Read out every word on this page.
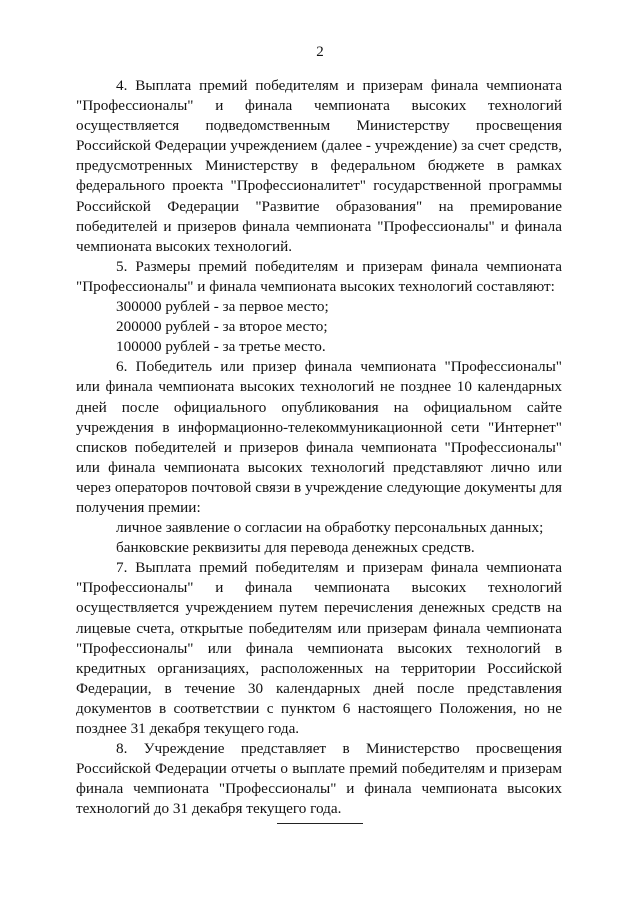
2

4. Выплата премий победителям и призерам финала чемпионата "Профессионалы" и финала чемпионата высоких технологий осуществляется подведомственным Министерству просвещения Российской Федерации учреждением (далее - учреждение) за счет средств, предусмотренных Министерству в федеральном бюджете в рамках федерального проекта "Профессионалитет" государственной программы Российской Федерации "Развитие образования" на премирование победителей и призеров финала чемпионата "Профессионалы" и финала чемпионата высоких технологий.

5. Размеры премий победителям и призерам финала чемпионата "Профессионалы" и финала чемпионата высоких технологий составляют:

300000 рублей - за первое место;

200000 рублей - за второе место;

100000 рублей - за третье место.

6. Победитель или призер финала чемпионата "Профессионалы" или финала чемпионата высоких технологий не позднее 10 календарных дней после официального опубликования на официальном сайте учреждения в информационно-телекоммуникационной сети "Интернет" списков победителей и призеров финала чемпионата "Профессионалы" или финала чемпионата высоких технологий представляют лично или через операторов почтовой связи в учреждение следующие документы для получения премии:

личное заявление о согласии на обработку персональных данных;

банковские реквизиты для перевода денежных средств.

7. Выплата премий победителям и призерам финала чемпионата "Профессионалы" и финала чемпионата высоких технологий осуществляется учреждением путем перечисления денежных средств на лицевые счета, открытые победителям или призерам финала чемпионата "Профессионалы" или финала чемпионата высоких технологий в кредитных организациях, расположенных на территории Российской Федерации, в течение 30 календарных дней после представления документов в соответствии с пунктом 6 настоящего Положения, но не позднее 31 декабря текущего года.

8. Учреждение представляет в Министерство просвещения Российской Федерации отчеты о выплате премий победителям и призерам финала чемпионата "Профессионалы" и финала чемпионата высоких технологий до 31 декабря текущего года.
